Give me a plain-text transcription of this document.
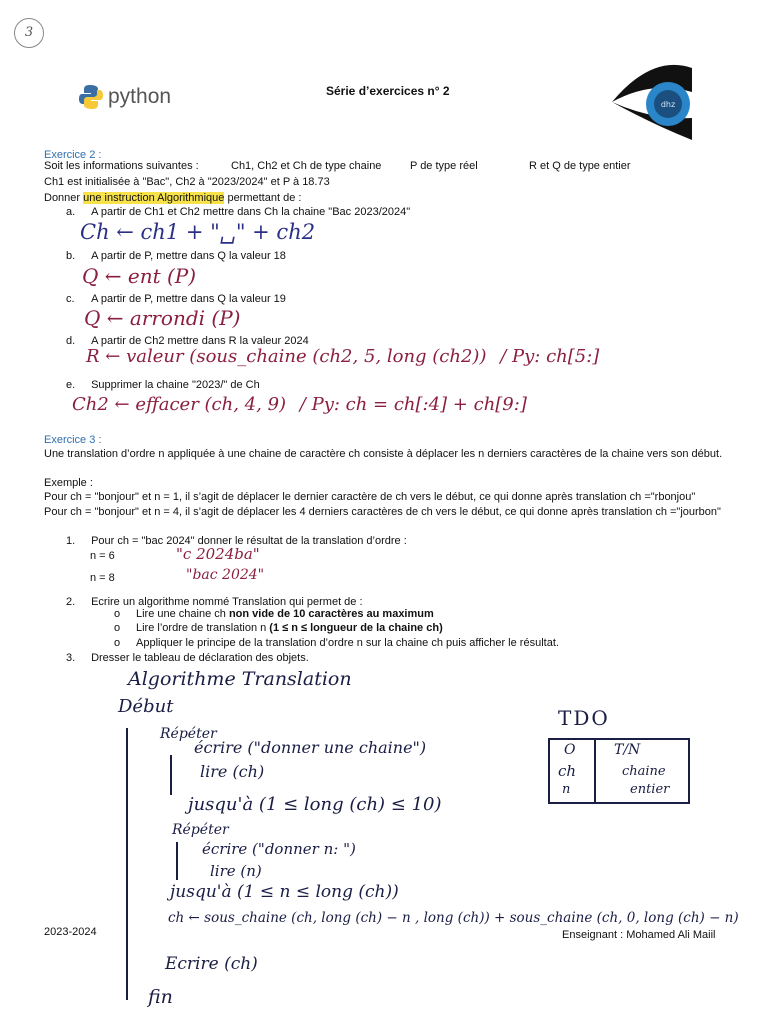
3
python	Série d’exercices n° 2
dhz
Exercice 2 :
Soit les informations suivantes :	Ch1, Ch2 et Ch de type chaine	P de type réel	R et Q de type entier
Ch1 est initialisée à "Bac", Ch2 à "2023/2024" et P à 18.73
Donner une instruction Algorithmique permettant de :
a. A partir de Ch1 et Ch2 mettre dans Ch la chaine "Bac 2023/2024"
Ch ← ch1 + "␣" + ch2
b. A partir de P, mettre dans Q la valeur 18
Q ← ent (P)
c. A partir de P, mettre dans Q la valeur 19
Q ← arrondi (P)
d. A partir de Ch2 mettre dans R la valeur 2024
R ← valeur (sous_chaine (ch2, 5, long (ch2)) / Py: ch[5:]
e. Supprimer la chaine "2023/" de Ch
Ch2 ← effacer (ch, 4, 9) / Py: ch = ch[:4] + ch[9:]
Exercice 3 :
Une translation d’ordre n appliquée à une chaine de caractère ch consiste à déplacer les n derniers caractères de la chaine vers son début.
Exemple :
Pour ch = "bonjour" et n = 1, il s’agit de déplacer le dernier caractère de ch vers le début, ce qui donne après translation ch ="rbonjou"
Pour ch = "bonjour" et n = 4, il s’agit de déplacer les 4 derniers caractères de ch vers le début, ce qui donne après translation ch ="jourbon"
1. Pour ch = "bac 2024" donner le résultat de la translation d’ordre :
n = 6	"c 2024ba"
n = 8	"bac 2024"
2. Ecrire un algorithme nommé Translation qui permet de :
o Lire une chaine ch non vide de 10 caractères au maximum
o Lire l’ordre de translation n (1 ≤ n ≤ longueur de la chaine ch)
o Appliquer le principe de la translation d’ordre n sur la chaine ch puis afficher le résultat.
3. Dresser le tableau de déclaration des objets.
Algorithme Translation
Début
Répéter
écrire ("donner une chaine")
lire (ch)
jusqu'à (1 ≤ long (ch) ≤ 10)
Répéter
écrire ("donner n: ")
lire (n)
jusqu'à (1 ≤ n ≤ long (ch))
ch ← sous_chaine (ch, long (ch) − n , long (ch)) + sous_chaine (ch, 0, long (ch) − n)
Ecrire (ch)
fin
TDO
O	T/N
ch	chaine
n	entier
2023-2024	Enseignant : Mohamed Ali Maiil
